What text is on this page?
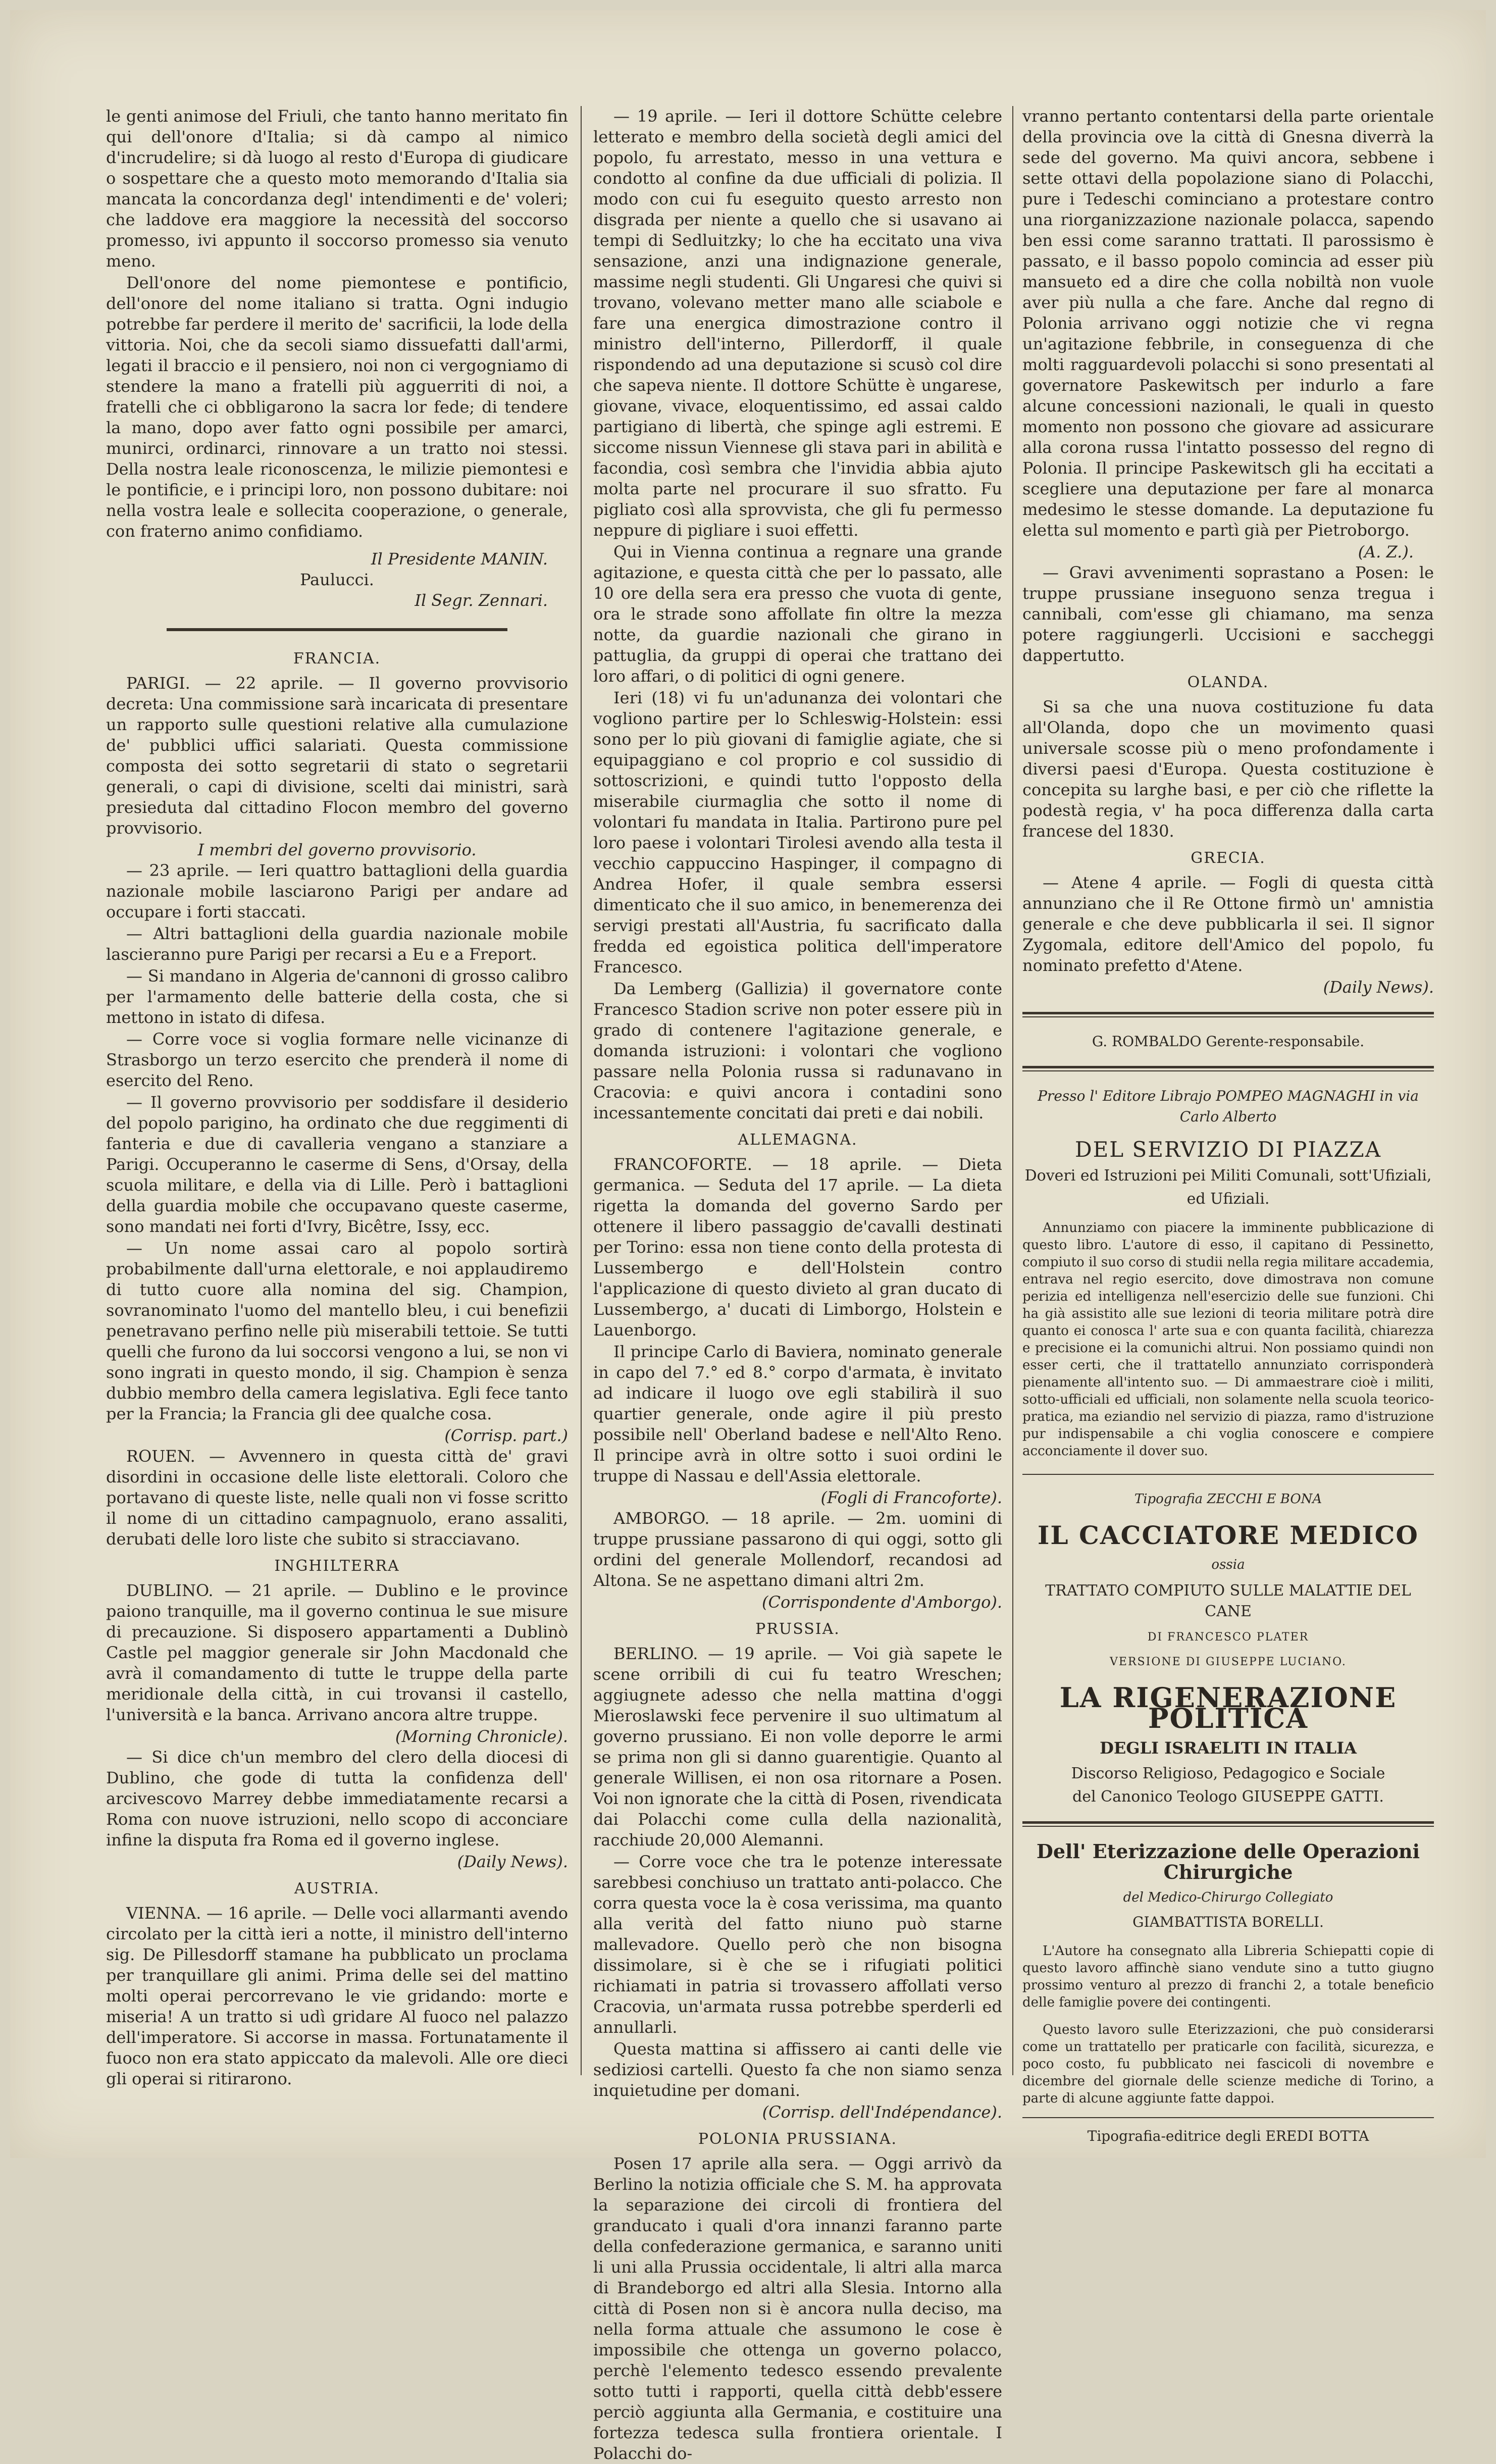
le genti animose del Friuli, che tanto hanno meritato fin qui dell'onore d'Italia; si dà campo al nimico d'incrudelire; si dà luogo al resto d'Europa di giudicare o sospettare che a questo moto memorando d'Italia sia mancata la concordanza degl' intendimenti e de' voleri; che laddove era maggiore la necessità del soccorso promesso, ivi appunto il soccorso promesso sia venuto meno.

Dell'onore del nome piemontese e pontificio, dell'onore del nome italiano si tratta. Ogni indugio potrebbe far perdere il merito de' sacrificii, la lode della vittoria. Noi, che da secoli siamo dissuefatti dall'armi, legati il braccio e il pensiero, noi non ci vergogniamo di stendere la mano a fratelli più agguerriti di noi, a fratelli che ci obbligarono la sacra lor fede; di tendere la mano, dopo aver fatto ogni possibile per amarci, munirci, ordinarci, rinnovare a un tratto noi stessi. Della nostra leale riconoscenza, le milizie piemontesi e le pontificie, e i principi loro, non possono dubitare: noi nella vostra leale e sollecita cooperazione, o generale, con fraterno animo confidiamo.

Il Presidente MANIN.
Paulucci.
Il Segr. Zennari.
FRANCIA.

PARIGI. — 22 aprile. — Il governo provvisorio decreta: Una commissione sarà incaricata di presentare un rapporto sulle questioni relative alla cumulazione de' pubblici uffici salariati. Questa commissione composta dei sotto segretarii di stato o segretarii generali, o capi di divisione, scelti dai ministri, sarà presieduta dal cittadino Flocon membro del governo provvisorio.

I membri del governo provvisorio.

— 23 aprile. — Ieri quattro battaglioni della guardia nazionale mobile lasciarono Parigi per andare ad occupare i forti staccati.

— Altri battaglioni della guardia nazionale mobile lascieranno pure Parigi per recarsi a Eu e a Freport.

— Si mandano in Algeria de'cannoni di grosso calibro per l'armamento delle batterie della costa, che si mettono in istato di difesa.

— Corre voce si voglia formare nelle vicinanze di Strasborgo un terzo esercito che prenderà il nome di esercito del Reno.

— Il governo provvisorio per soddisfare il desiderio del popolo parigino, ha ordinato che due reggimenti di fanteria e due di cavalleria vengano a stanziare a Parigi. Occuperanno le caserme di Sens, d'Orsay, della scuola militare, e della via di Lille. Però i battaglioni della guardia mobile che occupavano queste caserme, sono mandati nei forti d'Ivry, Bicêtre, Issy, ecc.

— Un nome assai caro al popolo sortirà probabilmente dall'urna elettorale, e noi applaudiremo di tutto cuore alla nomina del sig. Champion, sovranominato l'uomo del mantello bleu, i cui benefizii penetravano perfino nelle più miserabili tettoie. Se tutti quelli che furono da lui soccorsi vengono a lui, se non vi sono ingrati in questo mondo, il sig. Champion è senza dubbio membro della camera legislativa. Egli fece tanto per la Francia; la Francia gli dee qualche cosa.

(Corrisp. part.)

ROUEN. — Avvennero in questa città de' gravi disordini in occasione delle liste elettorali. Coloro che portavano di queste liste, nelle quali non vi fosse scritto il nome di un cittadino campagnuolo, erano assaliti, derubati delle loro liste che subito si stracciavano.

INGHILTERRA

DUBLINO. — 21 aprile. — Dublino e le province paiono tranquille, ma il governo continua le sue misure di precauzione. Si disposero appartamenti a Dublinò Castle pel maggior generale sir John Macdonald che avrà il comandamento di tutte le truppe della parte meridionale della città, in cui trovansi il castello, l'università e la banca. Arrivano ancora altre truppe.

(Morning Chronicle).

— Si dice ch'un membro del clero della diocesi di Dublino, che gode di tutta la confidenza dell' arcivescovo Marrey debbe immediatamente recarsi a Roma con nuove istruzioni, nello scopo di acconciare infine la disputa fra Roma ed il governo inglese.

(Daily News).
AUSTRIA.

VIENNA. — 16 aprile. — Delle voci allarmanti avendo circolato per la città ieri a notte, il ministro dell'interno sig. De Pillesdorff stamane ha pubblicato un proclama per tranquillare gli animi. Prima delle sei del mattino molti operai percorrevano le vie gridando: morte e miseria! A un tratto si udì gridare Al fuoco nel palazzo dell'imperatore. Si accorse in massa. Fortunatamente il fuoco non era stato appiccato da malevoli. Alle ore dieci gli operai si ritirarono.

— 19 aprile. — Ieri il dottore Schütte celebre letterato e membro della società degli amici del popolo, fu arrestato, messo in una vettura e condotto al confine da due ufficiali di polizia. Il modo con cui fu eseguito questo arresto non disgrada per niente a quello che si usavano ai tempi di Sedluitzky; lo che ha eccitato una viva sensazione, anzi una indignazione generale, massime negli studenti. Gli Ungaresi che quivi si trovano, volevano metter mano alle sciabole e fare una energica dimostrazione contro il ministro dell'interno, Pillerdorff, il quale rispondendo ad una deputazione si scusò col dire che sapeva niente. Il dottore Schütte è ungarese, giovane, vivace, eloquentissimo, ed assai caldo partigiano di libertà, che spinge agli estremi. E siccome nissun Viennese gli stava pari in abilità e facondia, così sembra che l'invidia abbia ajuto molta parte nel procurare il suo sfratto. Fu pigliato così alla sprovvista, che gli fu permesso neppure di pigliare i suoi effetti.

Qui in Vienna continua a regnare una grande agitazione, e questa città che per lo passato, alle 10 ore della sera era presso che vuota di gente, ora le strade sono affollate fin oltre la mezza notte, da guardie nazionali che girano in pattuglia, da gruppi di operai che trattano dei loro affari, o di politici di ogni genere.

Ieri (18) vi fu un'adunanza dei volontari che vogliono partire per lo Schleswig-Holstein: essi sono per lo più giovani di famiglie agiate, che si equipaggiano e col proprio e col sussidio di sottoscrizioni, e quindi tutto l'opposto della miserabile ciurmaglia che sotto il nome di volontari fu mandata in Italia. Partirono pure pel loro paese i volontari Tirolesi avendo alla testa il vecchio cappuccino Haspinger, il compagno di Andrea Hofer, il quale sembra essersi dimenticato che il suo amico, in benemerenza dei servigi prestati all'Austria, fu sacrificato dalla fredda ed egoistica politica dell'imperatore Francesco.

Da Lemberg (Gallizia) il governatore conte Francesco Stadion scrive non poter essere più in grado di contenere l'agitazione generale, e domanda istruzioni: i volontari che vogliono passare nella Polonia russa si radunavano in Cracovia: e quivi ancora i contadini sono incessantemente concitati dai preti e dai nobili.

ALLEMAGNA.

FRANCOFORTE. — 18 aprile. — Dieta germanica. — Seduta del 17 aprile. — La dieta rigetta la domanda del governo Sardo per ottenere il libero passaggio de'cavalli destinati per Torino: essa non tiene conto della protesta di Lussembergo e dell'Holstein contro l'applicazione di questo divieto al gran ducato di Lussembergo, a' ducati di Limborgo, Holstein e Lauenborgo.

Il principe Carlo di Baviera, nominato generale in capo del 7.° ed 8.° corpo d'armata, è invitato ad indicare il luogo ove egli stabilirà il suo quartier generale, onde agire il più presto possibile nell' Oberland badese e nell'Alto Reno. Il principe avrà in oltre sotto i suoi ordini le truppe di Nassau e dell'Assia elettorale.

(Fogli di Francoforte).

AMBORGO. — 18 aprile. — 2m. uomini di truppe prussiane passarono di qui oggi, sotto gli ordini del generale Mollendorf, recandosi ad Altona. Se ne aspettano dimani altri 2m.

(Corrispondente d'Amborgo).
PRUSSIA.

BERLINO. — 19 aprile. — Voi già sapete le scene orribili di cui fu teatro Wreschen; aggiugnete adesso che nella mattina d'oggi Mieroslawski fece pervenire il suo ultimatum al governo prussiano. Ei non volle deporre le armi se prima non gli si danno guarentigie. Quanto al generale Willisen, ei non osa ritornare a Posen. Voi non ignorate che la città di Posen, rivendicata dai Polacchi come culla della nazionalità, racchiude 20,000 Alemanni.

— Corre voce che tra le potenze interessate sarebbesi conchiuso un trattato anti-polacco. Che corra questa voce la è cosa verissima, ma quanto alla verità del fatto niuno può starne mallevadore. Quello però che non bisogna dissimolare, si è che se i rifugiati politici richiamati in patria si trovassero affollati verso Cracovia, un'armata russa potrebbe sperderli ed annullarli.

Questa mattina si affissero ai canti delle vie sediziosi cartelli. Questo fa che non siamo senza inquietudine per domani.

(Corrisp. dell'Indépendance).
POLONIA PRUSSIANA.

Posen 17 aprile alla sera. — Oggi arrivò da Berlino la notizia officiale che S. M. ha approvata la separazione dei circoli di frontiera del granducato i quali d'ora innanzi faranno parte della confederazione germanica, e saranno uniti li uni alla Prussia occidentale, li altri alla marca di Brandeborgo ed altri alla Slesia. Intorno alla città di Posen non si è ancora nulla deciso, ma nella forma attuale che assumono le cose è impossibile che ottenga un governo polacco, perchè l'elemento tedesco essendo prevalente sotto tutti i rapporti, quella città debb'essere perciò aggiunta alla Germania, e costituire una fortezza tedesca sulla frontiera orientale. I Polacchi do-

vranno pertanto contentarsi della parte orientale della provincia ove la città di Gnesna diverrà la sede del governo. Ma quivi ancora, sebbene i sette ottavi della popolazione siano di Polacchi, pure i Tedeschi cominciano a protestare contro una riorganizzazione nazionale polacca, sapendo ben essi come saranno trattati. Il parossismo è passato, e il basso popolo comincia ad esser più mansueto ed a dire che colla nobiltà non vuole aver più nulla a che fare. Anche dal regno di Polonia arrivano oggi notizie che vi regna un'agitazione febbrile, in conseguenza di che molti ragguardevoli polacchi si sono presentati al governatore Paskewitsch per indurlo a fare alcune concessioni nazionali, le quali in questo momento non possono che giovare ad assicurare alla corona russa l'intatto possesso del regno di Polonia. Il principe Paskewitsch gli ha eccitati a scegliere una deputazione per fare al monarca medesimo le stesse domande. La deputazione fu eletta sul momento e partì già per Pietroborgo.

(A. Z.).

— Gravi avvenimenti soprastano a Posen: le truppe prussiane inseguono senza tregua i cannibali, com'esse gli chiamano, ma senza potere raggiungerli. Uccisioni e saccheggi dappertutto.

OLANDA.

Si sa che una nuova costituzione fu data all'Olanda, dopo che un movimento quasi universale scosse più o meno profondamente i diversi paesi d'Europa. Questa costituzione è concepita su larghe basi, e per ciò che riflette la podestà regia, v' ha poca differenza dalla carta francese del 1830.

GRECIA.

— Atene 4 aprile. — Fogli di questa città annunziano che il Re Ottone firmò un' amnistia generale e che deve pubblicarla il sei. Il signor Zygomala, editore dell'Amico del popolo, fu nominato prefetto d'Atene.

(Daily News).
G. ROMBALDO Gerente-responsabile.
Presso l' Editore Librajo POMPEO MAGNAGHI in via Carlo Alberto
DEL SERVIZIO DI PIAZZA
Doveri ed Istruzioni pei Militi Comunali, sott'Ufiziali,
ed Ufiziali.

Annunziamo con piacere la imminente pubblicazione di questo libro. L'autore di esso, il capitano di Pessinetto, compiuto il suo corso di studii nella regia militare accademia, entrava nel regio esercito, dove dimostrava non comune perizia ed intelligenza nell'esercizio delle sue funzioni. Chi ha già assistito alle sue lezioni di teoria militare potrà dire quanto ei conosca l' arte sua e con quanta facilità, chiarezza e precisione ei la comunichi altrui. Non possiamo quindi non esser certi, che il trattatello annunziato corrisponderà pienamente all'intento suo. — Di ammaestrare cioè i militi, sotto-ufficiali ed ufficiali, non solamente nella scuola teorico-pratica, ma eziandio nel servizio di piazza, ramo d'istruzione pur indispensabile a chi voglia conoscere e compiere acconciamente il dover suo.

Tipografia ZECCHI E BONA
IL CACCIATORE MEDICO
ossia
TRATTATO COMPIUTO SULLE MALATTIE DEL CANE
DI FRANCESCO PLATER
VERSIONE DI GIUSEPPE LUCIANO.
LA RIGENERAZIONE POLITICA
DEGLI ISRAELITI IN ITALIA
Discorso Religioso, Pedagogico e Sociale
del Canonico Teologo GIUSEPPE GATTI.
Dell' Eterizzazione delle Operazioni Chirurgiche
del Medico-Chirurgo Collegiato
GIAMBATTISTA BORELLI.

L'Autore ha consegnato alla Libreria Schiepatti copie di questo lavoro affinchè siano vendute sino a tutto giugno prossimo venturo al prezzo di franchi 2, a totale beneficio delle famiglie povere dei contingenti.

Questo lavoro sulle Eterizzazioni, che può considerarsi come un trattatello per praticarle con facilità, sicurezza, e poco costo, fu pubblicato nei fascicoli di novembre e dicembre del giornale delle scienze mediche di Torino, a parte di alcune aggiunte fatte dappoi.

Tipografia-editrice degli EREDI BOTTA
